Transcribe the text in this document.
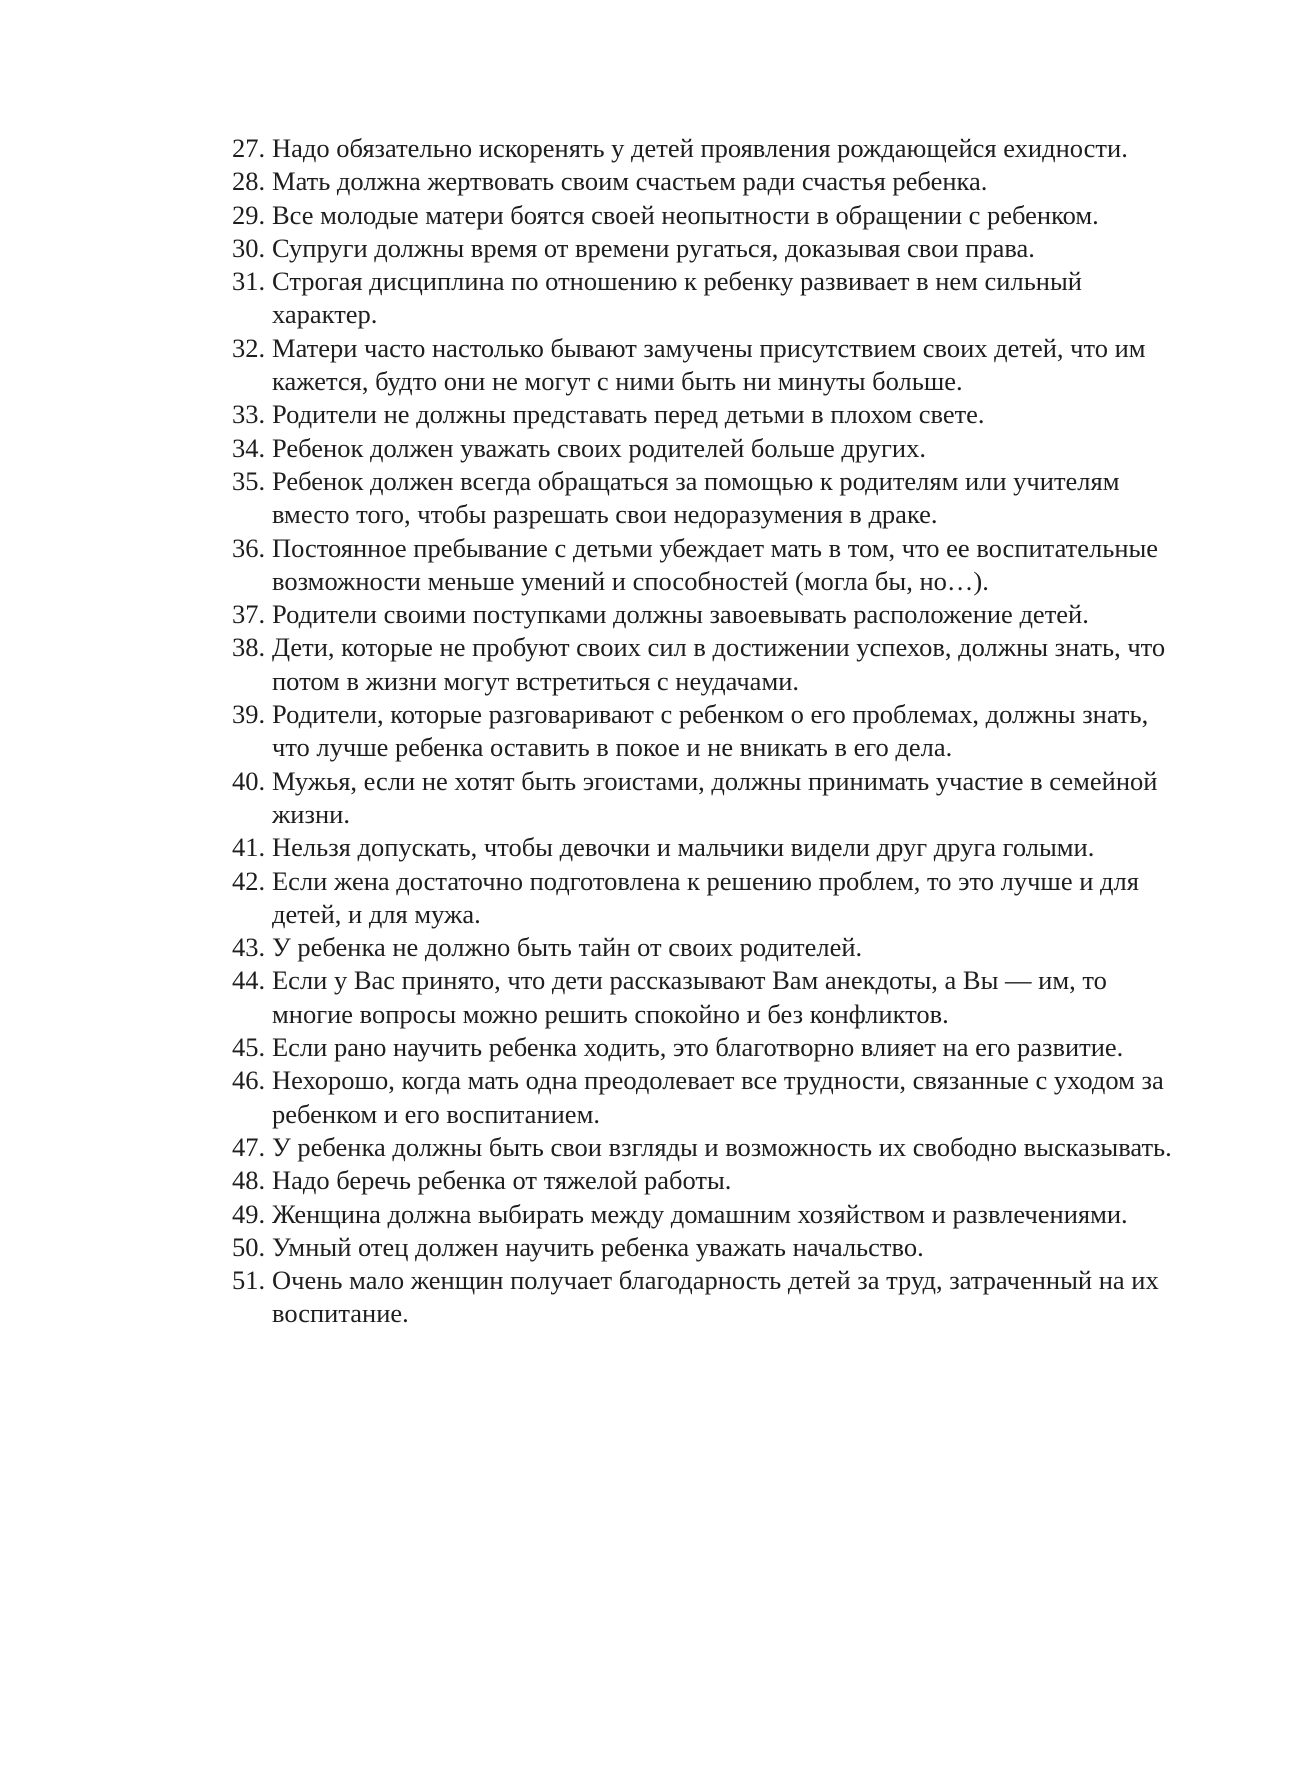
27. Надо обязательно искоренять у детей проявления рождающейся ехидности.
28. Мать должна жертвовать своим счастьем ради счастья ребенка.
29. Все молодые матери боятся своей неопытности в обращении с ребенком.
30. Супруги должны время от времени ругаться, доказывая свои права.
31. Строгая дисциплина по отношению к ребенку развивает в нем сильный характер.
32. Матери часто настолько бывают замучены присутствием своих детей, что им кажется, будто они не могут с ними быть ни минуты больше.
33. Родители не должны представать перед детьми в плохом свете.
34. Ребенок должен уважать своих родителей больше других.
35. Ребенок должен всегда обращаться за помощью к родителям или учителям вместо того, чтобы разрешать свои недоразумения в драке.
36. Постоянное пребывание с детьми убеждает мать в том, что ее воспитательные возможности меньше умений и способностей (могла бы, но…).
37. Родители своими поступками должны завоевывать расположение детей.
38. Дети, которые не пробуют своих сил в достижении успехов, должны знать, что потом в жизни могут встретиться с неудачами.
39. Родители, которые разговаривают с ребенком о его проблемах, должны знать, что лучше ребенка оставить в покое и не вникать в его дела.
40. Мужья, если не хотят быть эгоистами, должны принимать участие в семейной жизни.
41. Нельзя допускать, чтобы девочки и мальчики видели друг друга голыми.
42. Если жена достаточно подготовлена к решению проблем, то это лучше и для детей, и для мужа.
43. У ребенка не должно быть тайн от своих родителей.
44. Если у Вас принято, что дети рассказывают Вам анекдоты, а Вы — им, то многие вопросы можно решить спокойно и без конфликтов.
45. Если рано научить ребенка ходить, это благотворно влияет на его развитие.
46. Нехорошо, когда мать одна преодолевает все трудности, связанные с уходом за ребенком и его воспитанием.
47. У ребенка должны быть свои взгляды и возможность их свободно высказывать.
48. Надо беречь ребенка от тяжелой работы.
49. Женщина должна выбирать между домашним хозяйством и развлечениями.
50. Умный отец должен научить ребенка уважать начальство.
51. Очень мало женщин получает благодарность детей за труд, затраченный на их воспитание.
